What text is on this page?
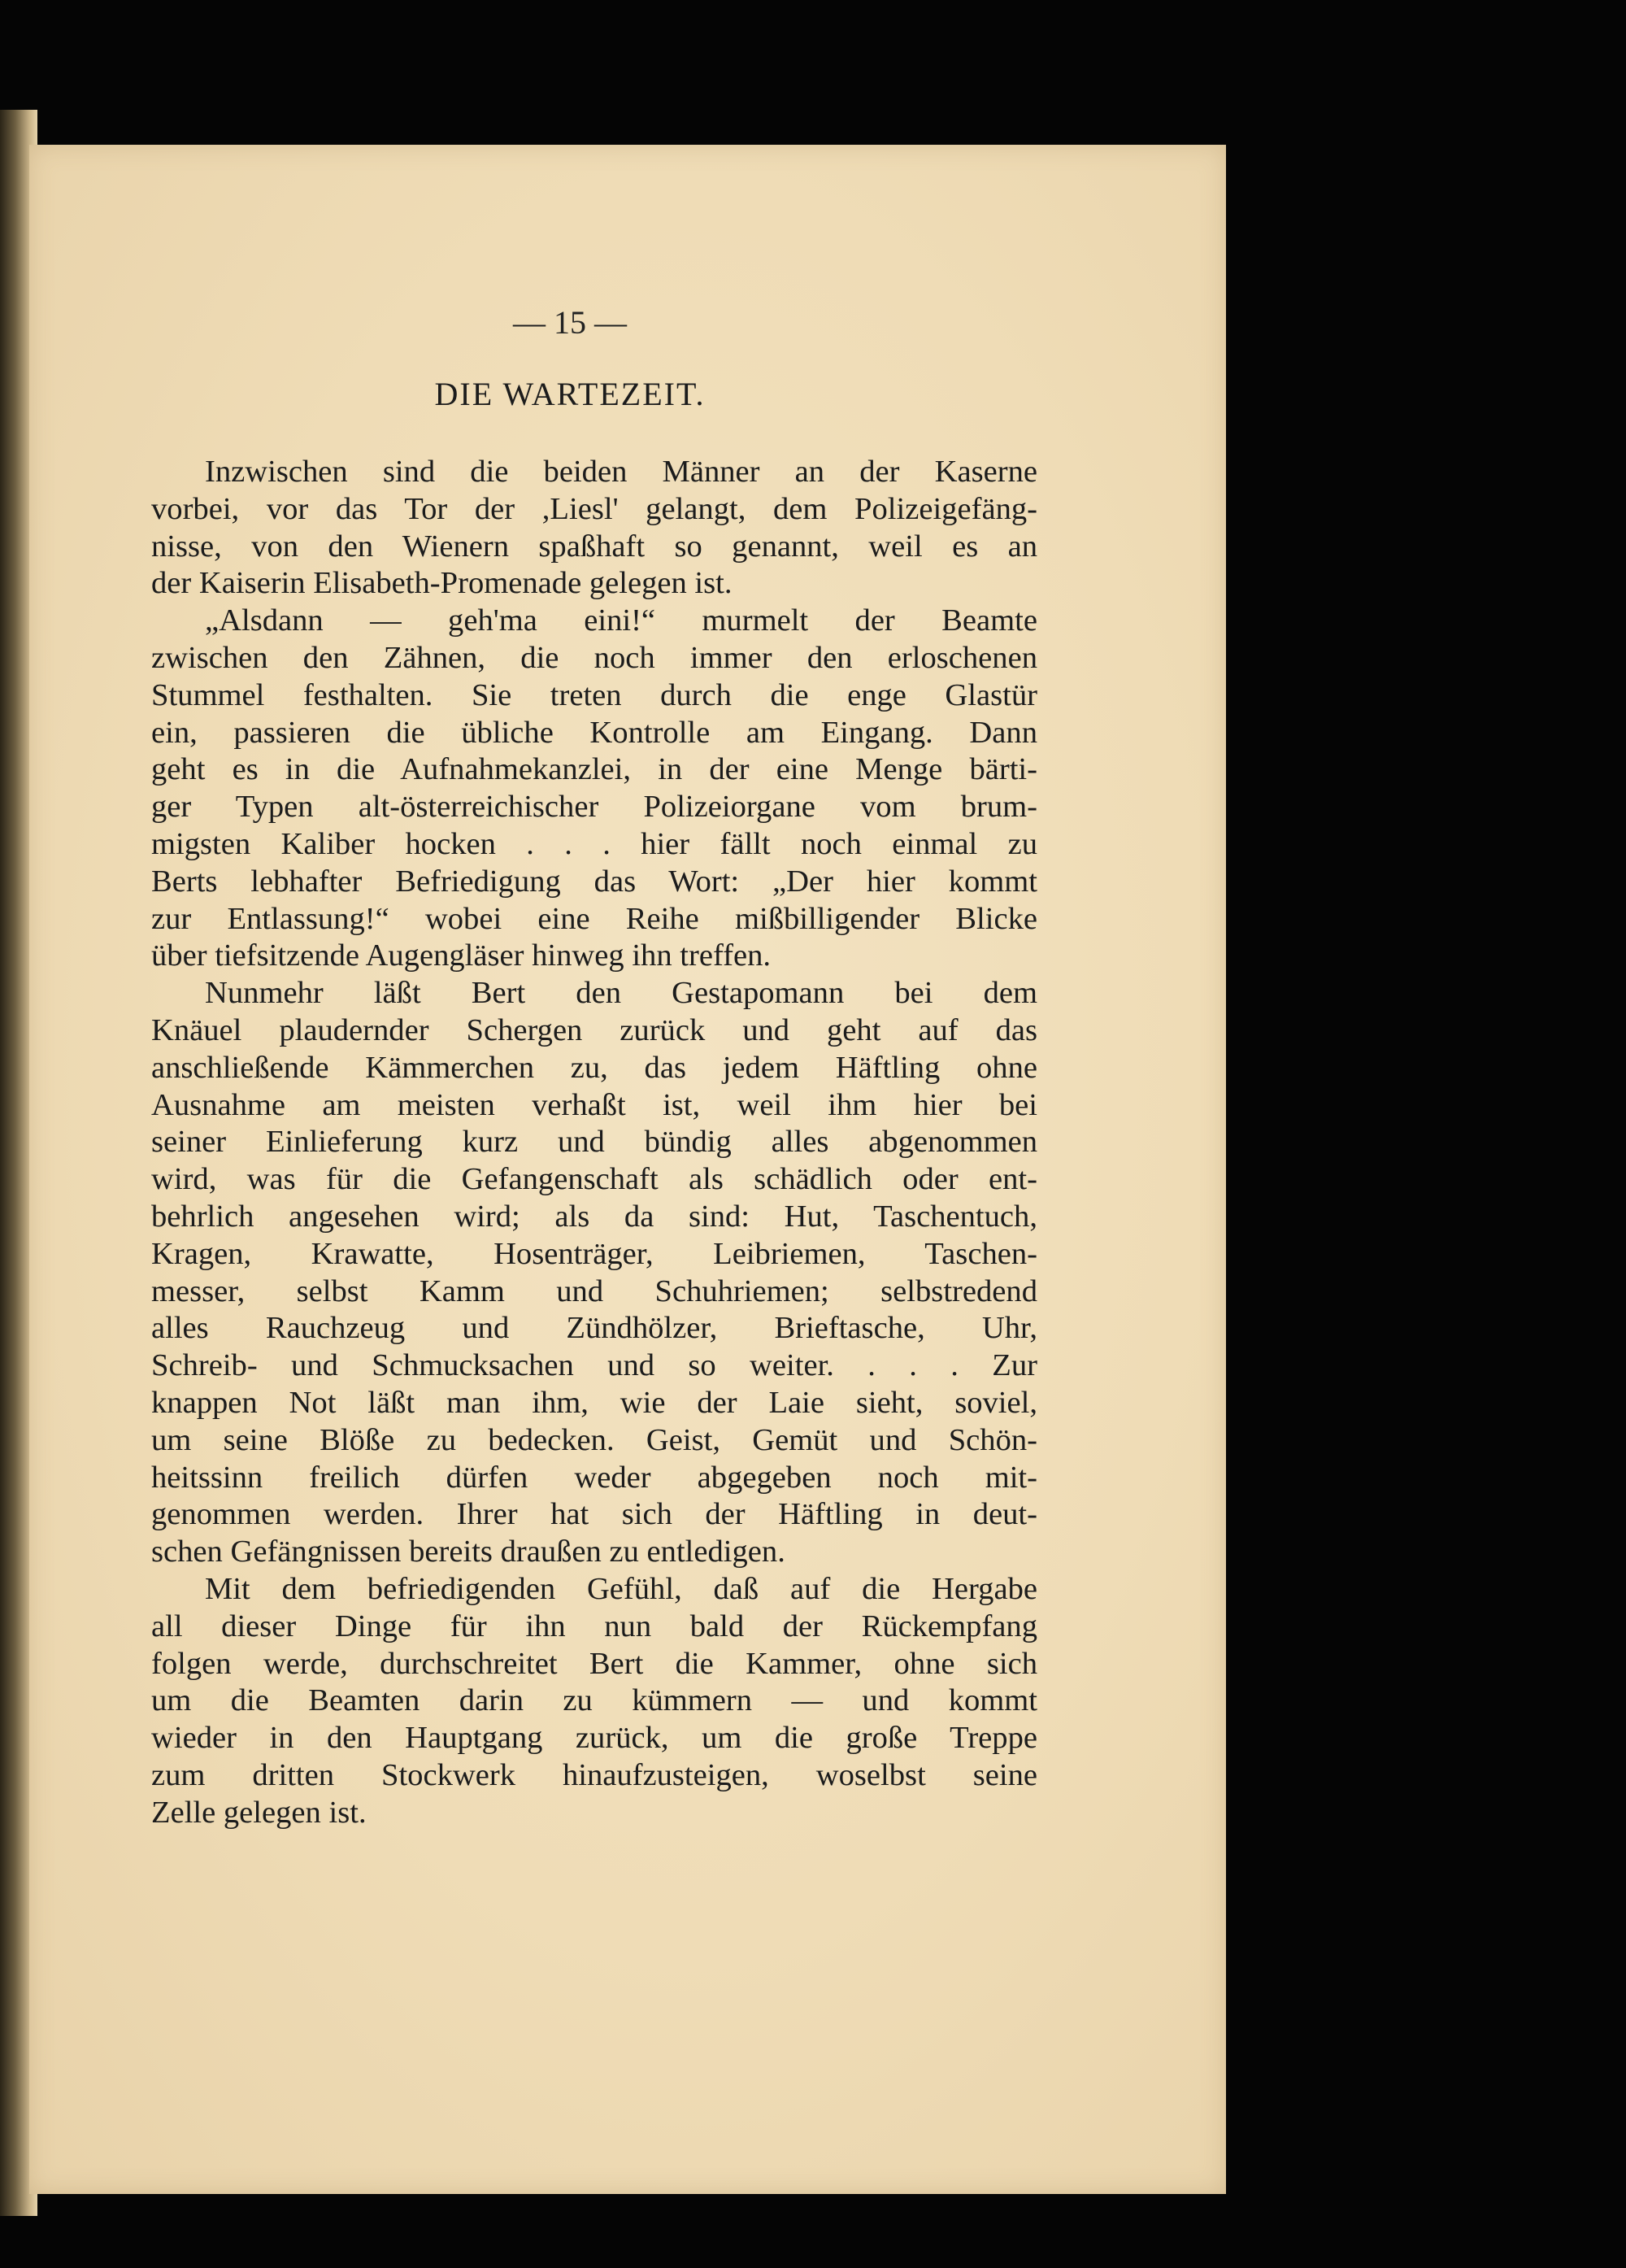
— 15 —
DIE WARTEZEIT.
Inzwischen sind die beiden Männer an der Kaserne
vorbei, vor das Tor der ,Liesl' gelangt, dem Polizeigefäng-
nisse, von den Wienern spaßhaft so genannt, weil es an
der Kaiserin Elisabeth-Promenade gelegen ist.
„Alsdann — geh'ma eini!“ murmelt der Beamte
zwischen den Zähnen, die noch immer den erloschenen
Stummel festhalten. Sie treten durch die enge Glastür
ein, passieren die übliche Kontrolle am Eingang. Dann
geht es in die Aufnahmekanzlei, in der eine Menge bärti-
ger Typen alt-österreichischer Polizeiorgane vom brum-
migsten Kaliber hocken . . . hier fällt noch einmal zu
Berts lebhafter Befriedigung das Wort: „Der hier kommt
zur Entlassung!“ wobei eine Reihe mißbilligender Blicke
über tiefsitzende Augengläser hinweg ihn treffen.
Nunmehr läßt Bert den Gestapomann bei dem
Knäuel plaudernder Schergen zurück und geht auf das
anschließende Kämmerchen zu, das jedem Häftling ohne
Ausnahme am meisten verhaßt ist, weil ihm hier bei
seiner Einlieferung kurz und bündig alles abgenommen
wird, was für die Gefangenschaft als schädlich oder ent-
behrlich angesehen wird; als da sind: Hut, Taschentuch,
Kragen, Krawatte, Hosenträger, Leibriemen, Taschen-
messer, selbst Kamm und Schuhriemen; selbstredend
alles Rauchzeug und Zündhölzer, Brieftasche, Uhr,
Schreib- und Schmucksachen und so weiter. . . . Zur
knappen Not läßt man ihm, wie der Laie sieht, soviel,
um seine Blöße zu bedecken. Geist, Gemüt und Schön-
heitssinn freilich dürfen weder abgegeben noch mit-
genommen werden. Ihrer hat sich der Häftling in deut-
schen Gefängnissen bereits draußen zu entledigen.
Mit dem befriedigenden Gefühl, daß auf die Hergabe
all dieser Dinge für ihn nun bald der Rückempfang
folgen werde, durchschreitet Bert die Kammer, ohne sich
um die Beamten darin zu kümmern — und kommt
wieder in den Hauptgang zurück, um die große Treppe
zum dritten Stockwerk hinaufzusteigen, woselbst seine
Zelle gelegen ist.
